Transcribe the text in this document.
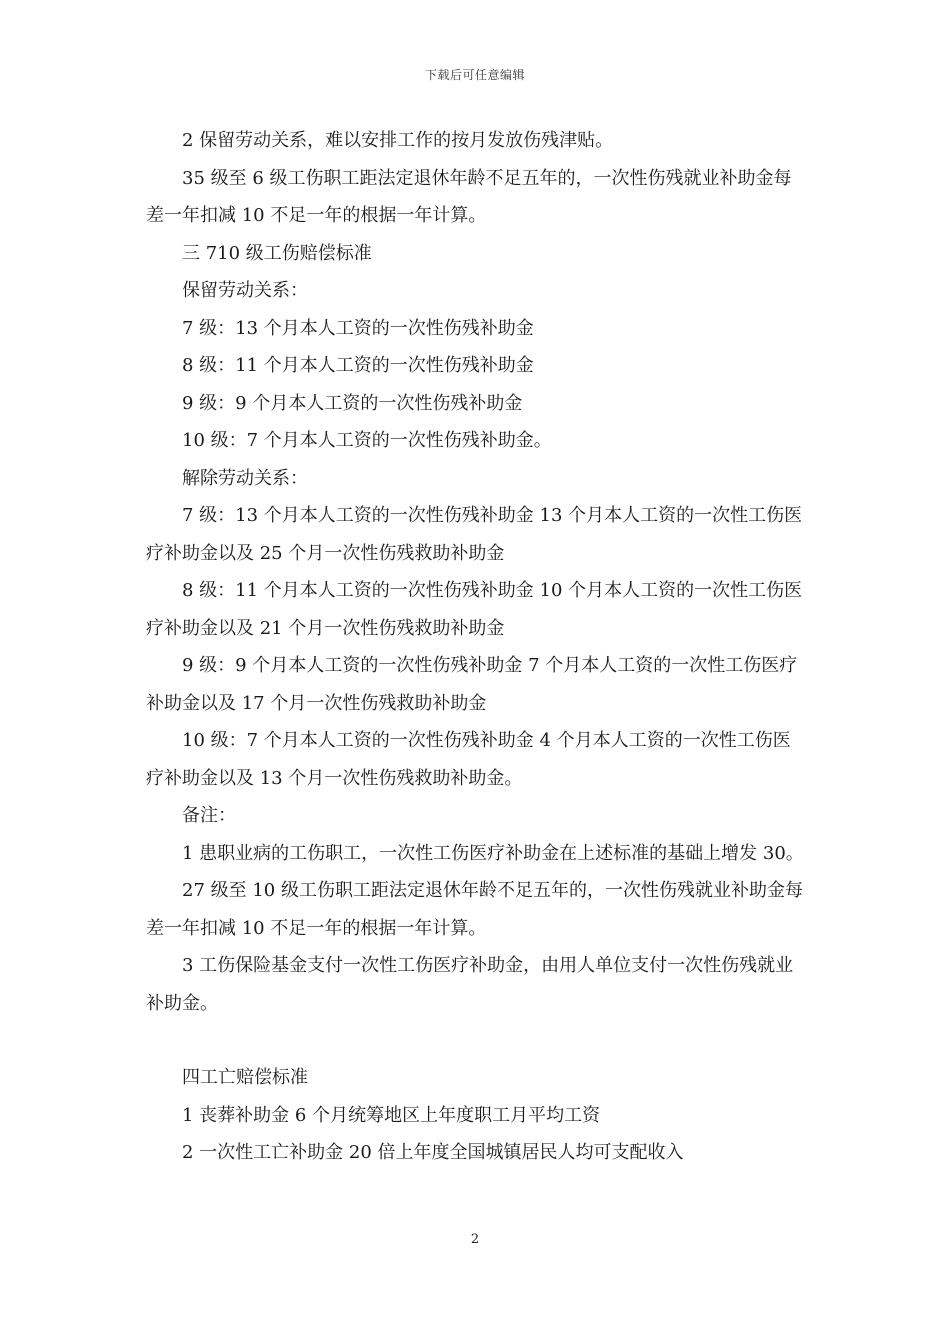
下载后可任意编辑

2 保留劳动关系，难以安排工作的按月发放伤残津贴。

35 级至 6 级工伤职工距法定退休年龄不足五年的，一次性伤残就业补助金每差一年扣减 10 不足一年的根据一年计算。

三 710 级工伤赔偿标准

保留劳动关系：

7 级：13 个月本人工资的一次性伤残补助金

8 级：11 个月本人工资的一次性伤残补助金

9 级：9 个月本人工资的一次性伤残补助金

10 级：7 个月本人工资的一次性伤残补助金。

解除劳动关系：

7 级：13 个月本人工资的一次性伤残补助金 13 个月本人工资的一次性工伤医疗补助金以及 25 个月一次性伤残救助补助金

8 级：11 个月本人工资的一次性伤残补助金 10 个月本人工资的一次性工伤医疗补助金以及 21 个月一次性伤残救助补助金

9 级：9 个月本人工资的一次性伤残补助金 7 个月本人工资的一次性工伤医疗补助金以及 17 个月一次性伤残救助补助金

10 级：7 个月本人工资的一次性伤残补助金 4 个月本人工资的一次性工伤医疗补助金以及 13 个月一次性伤残救助补助金。

备注：

1 患职业病的工伤职工，一次性工伤医疗补助金在上述标准的基础上增发 30。

27 级至 10 级工伤职工距法定退休年龄不足五年的，一次性伤残就业补助金每差一年扣减 10 不足一年的根据一年计算。

3 工伤保险基金支付一次性工伤医疗补助金，由用人单位支付一次性伤残就业补助金。

四工亡赔偿标准

1 丧葬补助金 6 个月统筹地区上年度职工月平均工资

2 一次性工亡补助金 20 倍上年度全国城镇居民人均可支配收入

2
